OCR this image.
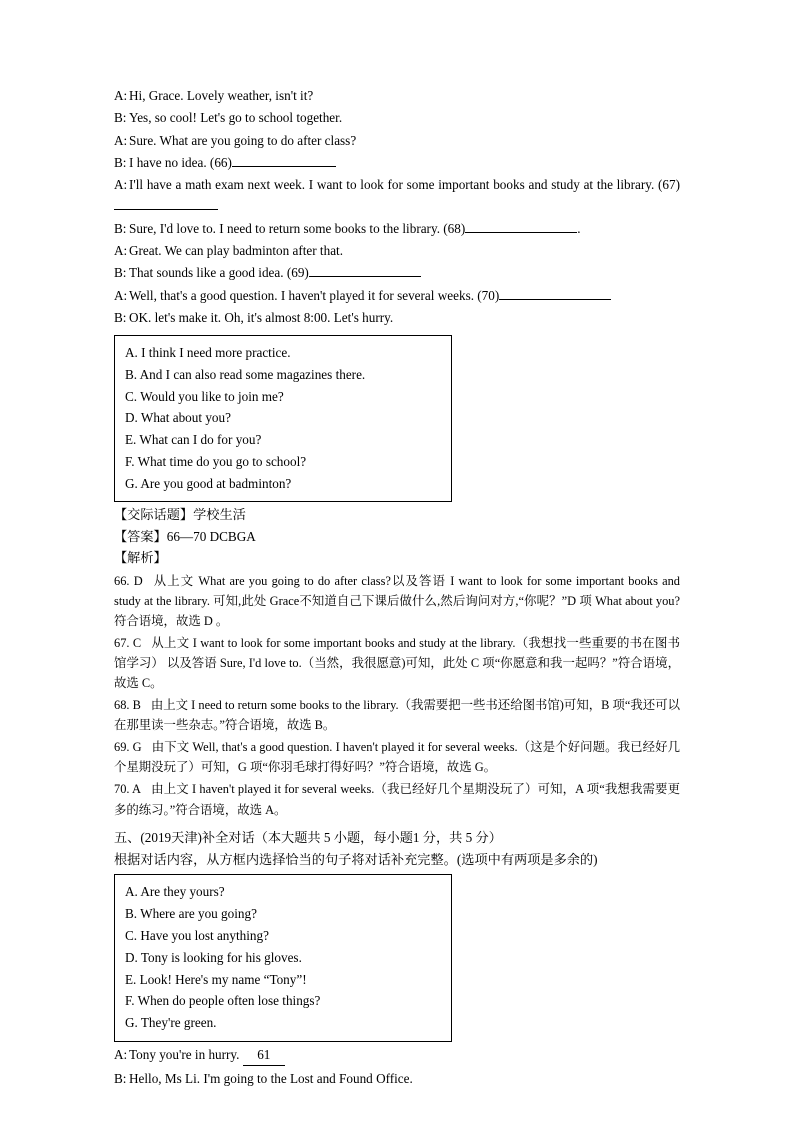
A: Hi, Grace. Lovely weather, isn't it?

B: Yes, so cool! Let's go to school together.

A: Sure. What are you going to do after class?

B: I have no idea. (66)

A: I'll have a math exam next week. I want to look for some important books and study at the library. (67)

B: Sure, I'd love to. I need to return some books to the library. (68)	.

A: Great. We can play badminton after that.

B: That sounds like a good idea. (69)

A: Well, that's a good question. I haven't played it for several weeks. (70)

B: OK. let's make it. Oh, it's almost 8:00. Let's hurry.

A. I think I need more practice.
B. And I can also read some magazines there.
C. Would you like to join me?
D. What about you?
E. What can I do for you?
F. What time do you go to school?
G. Are you good at badminton?

【交际话题】学校生活

【答案】66—70 DCBGA

【解析】

66. D 从上文 What are you going to do after class?以及答语 I want to look for some important books and study at the library. 可知,此处 Grace不知道自己下课后做什么,然后询问对方,“你呢？”D 项 What about you?符合语境，故选 D 。

67. C 从上文 I want to look for some important books and study at the library.（我想找一些重要的书在图书馆学习） 以及答语 Sure, I'd love to.（当然，我很愿意)可知，此处 C 项“你愿意和我一起吗？”符合语境，故选 C。

68. B 由上文 I need to return some books to the library.（我需要把一些书还给图书馆)可知，B 项“我还可以在那里读一些杂志。”符合语境，故选 B。

69. G 由下文 Well, that's a good question. I haven't played it for several weeks.（这是个好问题。我已经好几个星期没玩了）可知，G 项“你羽毛球打得好吗？”符合语境，故选 G。

70. A 由上文 I haven't played it for several weeks.（我已经好几个星期没玩了）可知，A 项“我想我需要更多的练习。”符合语境，故选 A。

五、(2019天津)补全对话（本大题共 5 小题，每小题1 分，共 5 分）

根据对话内容，从方框内选择恰当的句子将对话补充完整。(选项中有两项是多余的)

A. Are they yours?
B. Where are you going?
C. Have you lost anything?
D. Tony is looking for his gloves.
E. Look! Here's my name “Tony”!
F. When do people often lose things?
G. They're green.

A: Tony you're in hurry. 61

B: Hello, Ms Li. I'm going to the Lost and Found Office.
